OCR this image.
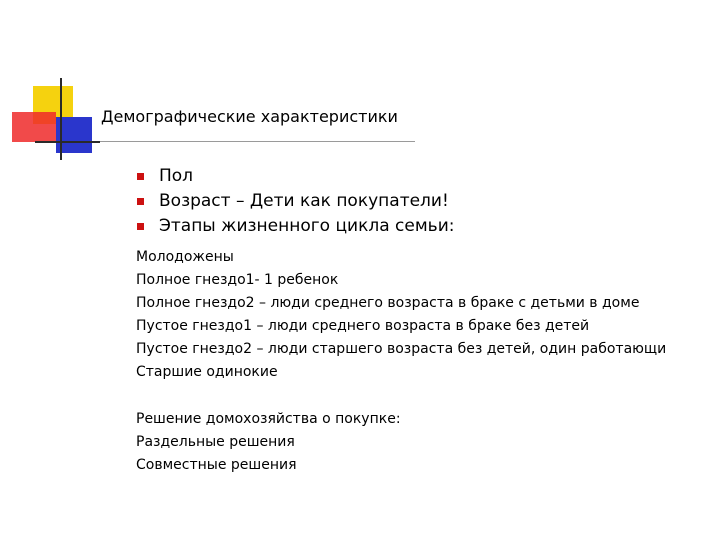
Демографические характеристики
Пол
Возраст – Дети как покупатели!
Этапы жизненного цикла семьи:
Молодожены
Полное гнездо1- 1 ребенок
Полное гнездо2 – люди среднего возраста в браке с детьми в доме
Пустое гнездо1 – люди среднего возраста в браке без детей
Пустое гнездо2 – люди старшего возраста без детей, один работающи
Старшие одинокие
Решение домохозяйства о покупке:
Раздельные решения
Совместные решения
